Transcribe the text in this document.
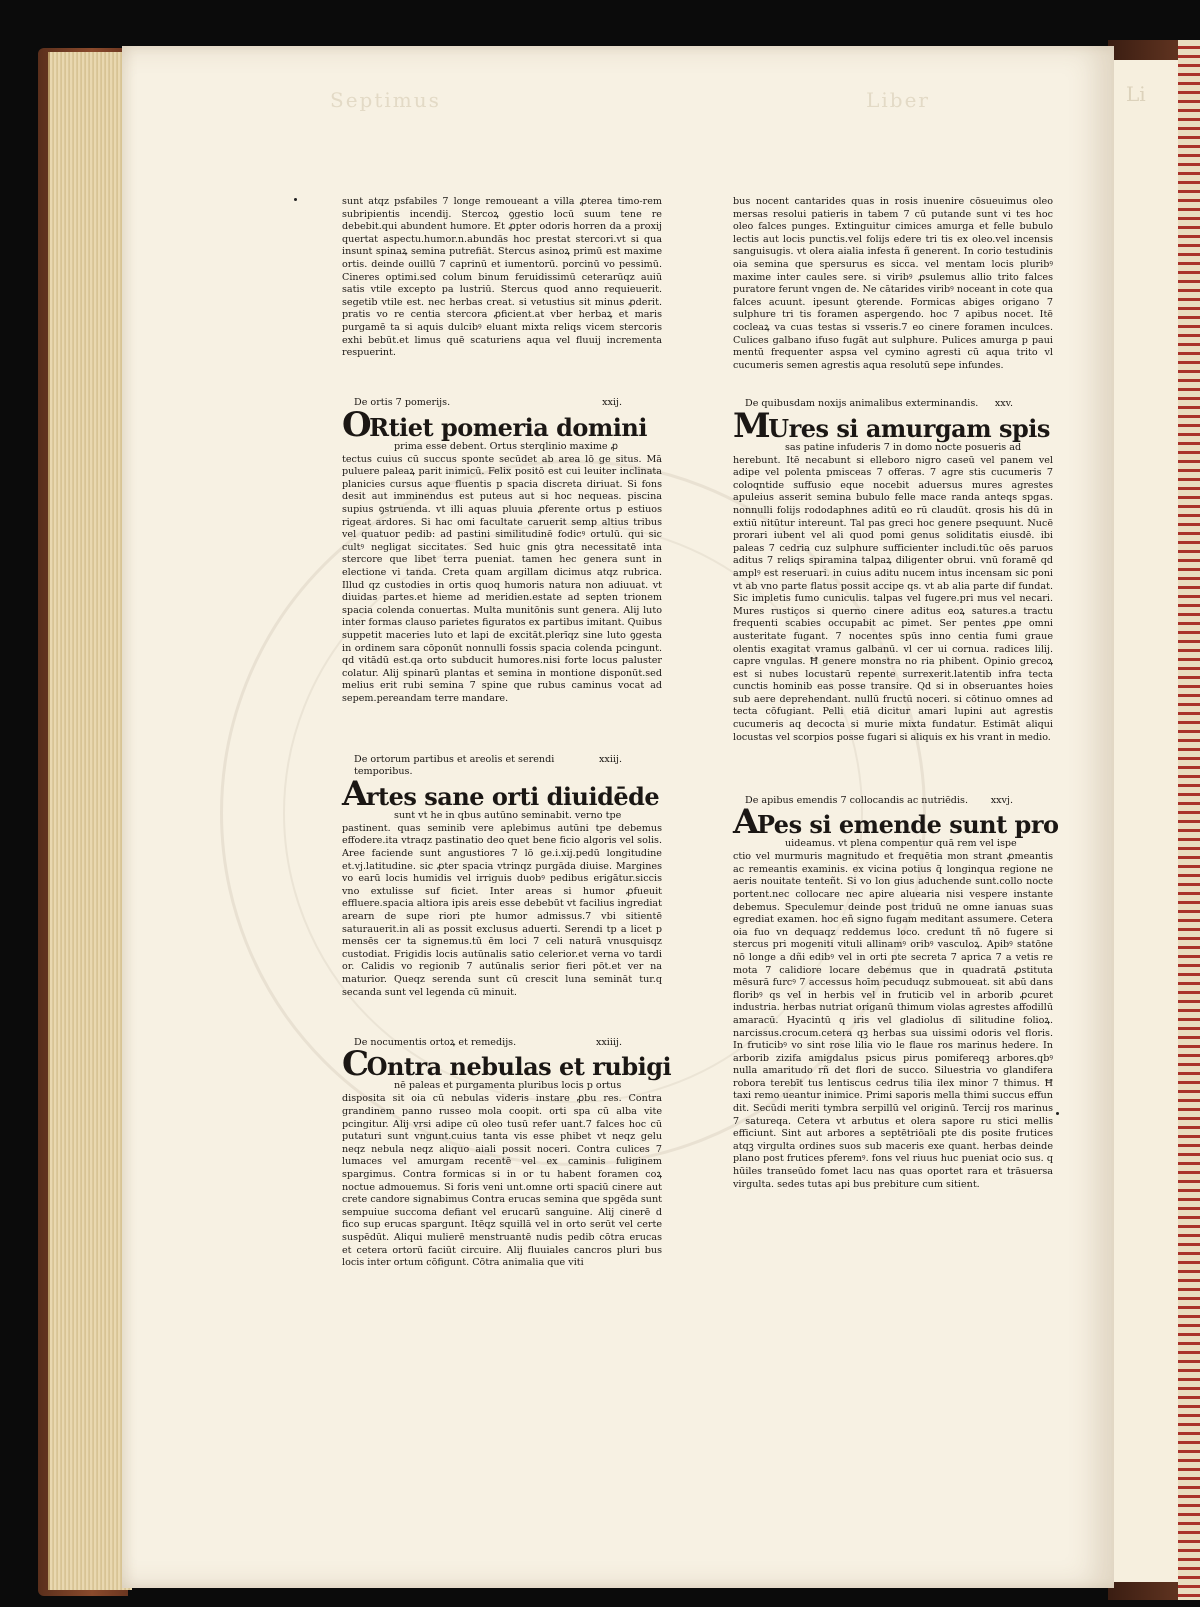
Li
Septimus	Liber

sunt atqz psfabiles 7 longe remoueant a villa ꝓterea timo-rem subripientis incendij. Stercoꝝ ꝯgestio locū suum tene re debebit.qui abundent humore. Et ꝓpter odoris horren da a proxij quertat aspectu.humor.n.abundās hoc prestat stercori.vt si qua insunt spinaꝝ semina putrefiāt. Stercus asinoꝝ primū est maxime ortis. deinde ouillū 7 caprinū et iumentorū. porcinū vo pessimū. Cineres optimi.sed colum binum feruidissimū ceterarūqz auiū satis vtile excepto pa lustriū. Stercus quod anno requieuerit. segetib vtile est. nec herbas creat. si vetustius sit minus ꝓderit. pratis vo re centia stercora ꝓficient.at vber herbaꝝ et maris purgamē ta si aquis dulcibꝰ eluant mixta reliqs vicem stercoris exhi bebūt.et limus quē scaturiens aqua vel fluuij incrementa respuerint.

De ortis 7 pomerijs.	xxij.
ORtiet pomeria domini

prima esse debent. Ortus sterqlinio maxime ꝓ

tectus cuius cū succus sponte secūdet ab area lō ge situs. Mā puluere paleaꝝ parit inimicū. Felix positō est cui leuiter inclinata planicies cursus aque fluentis p spacia discreta diriuat. Si fons desit aut imminendus est puteus aut si hoc nequeas. piscina supius ꝯstruenda. vt illi aquas pluuia ꝓferente ortus p estiuos rigeat ardores. Si hac omi facultate caruerit semp altius tribus vel quatuor pedib: ad pastini similitudinē fodicꝰ ortulū. qui sic cultꝰ negligat siccitates. Sed huic gnis ꝯtra necessitatē inta stercore que libet terra pueniat. tamen hec genera sunt in electione vi tanda. Creta quam argillam dicimus atqz rubrica. Illud qz custodies in ortis quoq humoris natura non adiuuat. vt diuidas partes.et hieme ad meridien.estate ad septen trionem spacia colenda conuertas. Multa munitōnis sunt genera. Alij luto inter formas clauso parietes figuratos ex partibus imitant. Quibus suppetit maceries luto et lapi de excitāt.plerīqz sine luto ꝯgesta in ordinem sara cōponūt nonnulli fossis spacia colenda pcingunt. qd vitādū est.qa orto subducit humores.nisi forte locus paluster colatur. Alij spinarū plantas et semina in montione disponūt.sed melius erit rubi semina 7 spine que rubus caminus vocat ad sepem.pereandam terre mandare.

De ortorum partibus et areolis et serendi temporibus.
xxiij.
Artes sane orti diuidēde

sunt vt he in qbus autūno seminabit. verno tpe

pastinent. quas seminib vere aplebimus autūni tpe debemus effodere.ita vtraqz pastinatio deo quet bene ficio algoris vel solis. Aree faciende sunt angustiores 7 lō ge.i.xij.pedū longitudine et.vj.latitudine. sic ꝓter spacia vtrinqz purgāda diuise. Margines vo earū locis humidis vel irriguis duobꝰ pedibus erigātur.siccis vno extulisse suf ficiet. Inter areas si humor ꝓfueuit effluere.spacia altiora ipis areis esse debebūt vt facilius ingrediat arearn de supe riori pte humor admissus.7 vbi sitientē saturauerit.in ali as possit exclusus aduerti. Serendi tp a licet p mensēs cer ta signemus.tū ēm loci 7 celi naturā vnusquisqz custodiat. Frigidis locis autūnalis satio celerior.et verna vo tardi or. Calidis vo regionib 7 autūnalis serior fieri pōt.et ver na maturior. Queqz serenda sunt cū crescit luna semināt tur.q secanda sunt vel legenda cū minuit.

De nocumentis ortoꝝ et remedijs.	xxiiij.
COntra nebulas et rubigi

nē paleas et purgamenta pluribus locis p ortus

disposita sit oia cū nebulas videris instare ꝓbu res. Contra grandinem panno russeo mola coopit. orti spa cū alba vite pcingitur. Alij vrsi adipe cū oleo tusū refer uant.7 falces hoc cū putaturi sunt vngunt.cuius tanta vis esse phibet vt neqz gelu neqz nebula neqz aliquo aiali possit noceri. Contra culices 7 lumaces vel amurgam recentē vel ex caminis fuliginem spargimus. Contra formicas si in or tu habent foramen coꝝ noctue admouemus. Si foris veni unt.omne orti spaciū cinere aut crete candore signabimus Contra erucas semina que spgēda sunt sempuiue succoma defiant vel erucarū sanguine. Alij cinerē d fico sup erucas spargunt. Itēqz squillā vel in orto serūt vel certe suspēdūt. Aliqui mulierē menstruantē nudis pedib cōtra erucas et cetera ortorū faciūt circuire. Alij fluuiales cancros pluri bus locis inter ortum cōfigunt. Cōtra animalia que viti

bus nocent cantarides quas in rosis inuenire cōsueuimus oleo mersas resolui patieris in tabem 7 cū putande sunt vi tes hoc oleo falces punges. Extinguitur cimices amurga et felle bubulo lectis aut locis punctis.vel folijs edere tri tis ex oleo.vel incensis sanguisugis. vt olera aialia infesta ñ generent. In corio testudinis oia semina que spersurus es sicca. vel mentam locis pluribꝰ maxime inter caules sere. si viribꝰ ꝓsulemus allio trito falces puratore ferunt vngen de. Ne cātarides viribꝰ noceant in cote qua falces acuunt. ipesunt ꝯterende. Formicas abiges origano 7 sulphure tri tis foramen aspergendo. hoc 7 apibus nocet. Itē cocleaꝝ va cuas testas si vsseris.7 eo cinere foramen inculces. Culices galbano ifuso fugāt aut sulphure. Pulices amurga p paui mentū frequenter aspsa vel cymino agresti cū aqua trito vl cucumeris semen agrestis aqua resolutū sepe infundes.

De quibusdam noxijs animalibus exterminandis. xxv.
MUres si amurgam spis

sas patine infuderis 7 in domo nocte posueris ad

herebunt. Itē necabunt si elleboro nigro caseū vel panem vel adipe vel polenta pmisceas 7 offeras. 7 agre stis cucumeris 7 coloqntide suffusio eque nocebit aduersus mures agrestes apuleius asserit semina bubulo felle mace randa anteqs spgas. nonnulli folijs rododaphnes aditū eo rū claudūt. qrosis his dū in extiū nitūtur intereunt. Tal pas greci hoc genere psequunt. Nucē prorari iubent vel ali quod pomi genus soliditatis eiusdē. ibi paleas 7 cedria cuz sulphure sufficienter includi.tūc oēs paruos aditus 7 reliqs spiramina talpaꝝ diligenter obrui. vnū foramē qd amplꝰ est reseruari. in cuius aditu nucem intus incensam sic poni vt ab vno parte flatus possit accipe qs. vt ab alia parte dif fundat. Sic impletis fumo cuniculis. talpas vel fugere.pri mus vel necari. Mures rustiços si querno cinere aditus eoꝝ satures.a tractu frequenti scabies occupabit ac pimet. Ser pentes ꝓpe omni austeritate fugant. 7 nocentes spūs inno centia fumi graue olentis exagitat vramus galbanū. vl cer ui cornua. radices lilij. capre vngulas. Ħ genere monstra no ria phibent. Opinio grecoꝝ est si nubes locustarū repente surrexerit.latentib infra tecta cunctis hominib eas posse transire. Qd si in obseruantes hoies sub aere deprehendant. nullū fructū noceri. si cōtinuo omnes ad tecta cōfugiant. Pelli etiā dicitur amari lupini aut agrestis cucumeris aq decocta si murie mixta fundatur. Estimāt aliqui locustas vel scorpios posse fugari si aliquis ex his vrant in medio.

De apibus emendis 7 collocandis ac nutriēdis. xxvj.
APes si emende sunt pro

uideamus. vt plena compentur quā rem vel ispe

ctio vel murmuris magnitudo et frequētia mon strant ꝓmeantis ac remeantis examinis. ex vicina potius q̄ longinqua regione ne aeris nouitate tenteñt. Si vo lon gius aduchende sunt.collo nocte portent.nec collocare nec apire aluearia nisi vespere instante debemus. Speculemur deinde post triduū ne omne ianuas suas egrediat examen. hoc eñ signo fugam meditant assumere. Cetera oia fuo vn dequaqz reddemus loco. credunt tñ nō fugere si stercus pri mogeniti vituli allinamꝰ oribꝰ vasculoꝝ. Apibꝰ statōne nō longe a dñi edibꝰ vel in orti pte secreta 7 aprica 7 a vetis re mota 7 calidiore locare debemus que in quadratā ꝓstituta mēsurā furcꝰ 7 accessus hoīm pecuduqz submoueat. sit abū dans floribꝰ qs vel in herbis vel in fruticib vel in arborib ꝓcuret industria. herbas nutriat origanū thimum violas agrestes affodillū amaracū. Hyacintū q iris vel gladiolus dī silitudine folioꝝ. narcissus.crocum.cetera qꝫ herbas sua uissimi odoris vel floris. In fruticibꝰ vo sint rose lilia vio le flaue ros marinus hedere. In arborib zizifa amigdalus psicus pirus pomifereqꝫ arbores.qbꝰ nulla amaritudo rñ det flori de succo. Siluestria vo glandifera robora terebīt tus lentiscus cedrus tilia ilex minor 7 thimus. Ħ taxi remo ueantur inimice. Primi saporis mella thimi succus effun dit. Secūdi meriti tymbra serpillū vel originū. Tercij ros marinus 7 satureqa. Cetera vt arbutus et olera sapore ru stici mellis efficiunt. Sint aut arbores a septētriōali pte dis posite frutices atqꝫ virgulta ordines suos sub maceris exe quant. herbas deinde plano post frutices pferemꝰ. fons vel riuus huc pueniat ocio sus. q hūiles transeūdo fomet lacu nas quas oportet rara et trāsuersa virgulta. sedes tutas api bus prebiture cum sitient.
